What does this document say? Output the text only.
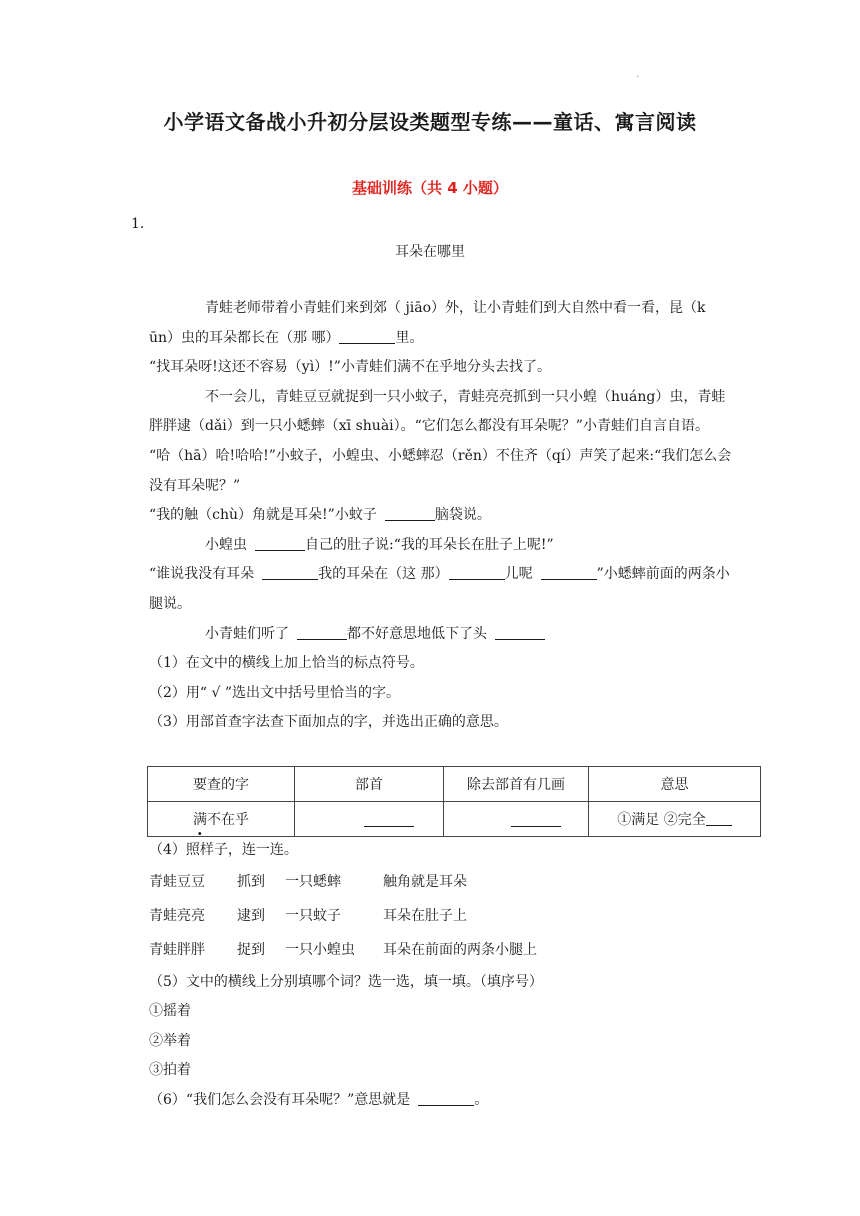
·
小学语文备战小升初分层设类题型专练——童话、寓言阅读
基础训练（共 4 小题）
1．
耳朵在哪里

青蛙老师带着小青蛙们来到郊（ jiāo）外，让小青蛙们到大自然中看一看，昆（k

ūn）虫的耳朵都长在（那 哪）	里。

“找耳朵呀!这还不容易（yì）!”小青蛙们满不在乎地分头去找了。

不一会儿，青蛙豆豆就捉到一只小蚊子，青蛙亮亮抓到一只小蝗（huáng）虫，青蛙胖胖逮（dǎi）到一只小蟋蟀（xī shuài）。“它们怎么都没有耳朵呢？”小青蛙们自言自语。

“哈（hā）哈!哈哈!”小蚊子，小蝗虫、小蟋蟀忍（rěn）不住齐（qí）声笑了起来:“我们怎么会没有耳朵呢？”

“我的触（chù）角就是耳朵!”小蚊子	脑袋说。

小蝗虫	自己的肚子说:“我的耳朵长在肚子上呢!”

“谁说我没有耳朵	我的耳朵在（这 那）	儿呢	”小蟋蟀前面的两条小腿说。

小青蛙们听了	都不好意思地低下了头

（1）在文中的横线上加上恰当的标点符号。

（2）用“ √ ”选出文中括号里恰当的字。

（3）用部首查字法查下面加点的字，并选出正确的意思。

要查的字	部首	除去部首有几画	意思
满不在乎			①满足 ②完全

（4）照样子，连一连。

青蛙豆豆	抓到	一只蟋蟀	触角就是耳朵
青蛙亮亮	逮到	一只蚊子	耳朵在肚子上
青蛙胖胖	捉到	一只小蝗虫	耳朵在前面的两条小腿上

（5）文中的横线上分别填哪个词？选一选，填一填。（填序号）

①摇着

②举着

③拍着

（6）“我们怎么会没有耳朵呢？”意思就是	。
